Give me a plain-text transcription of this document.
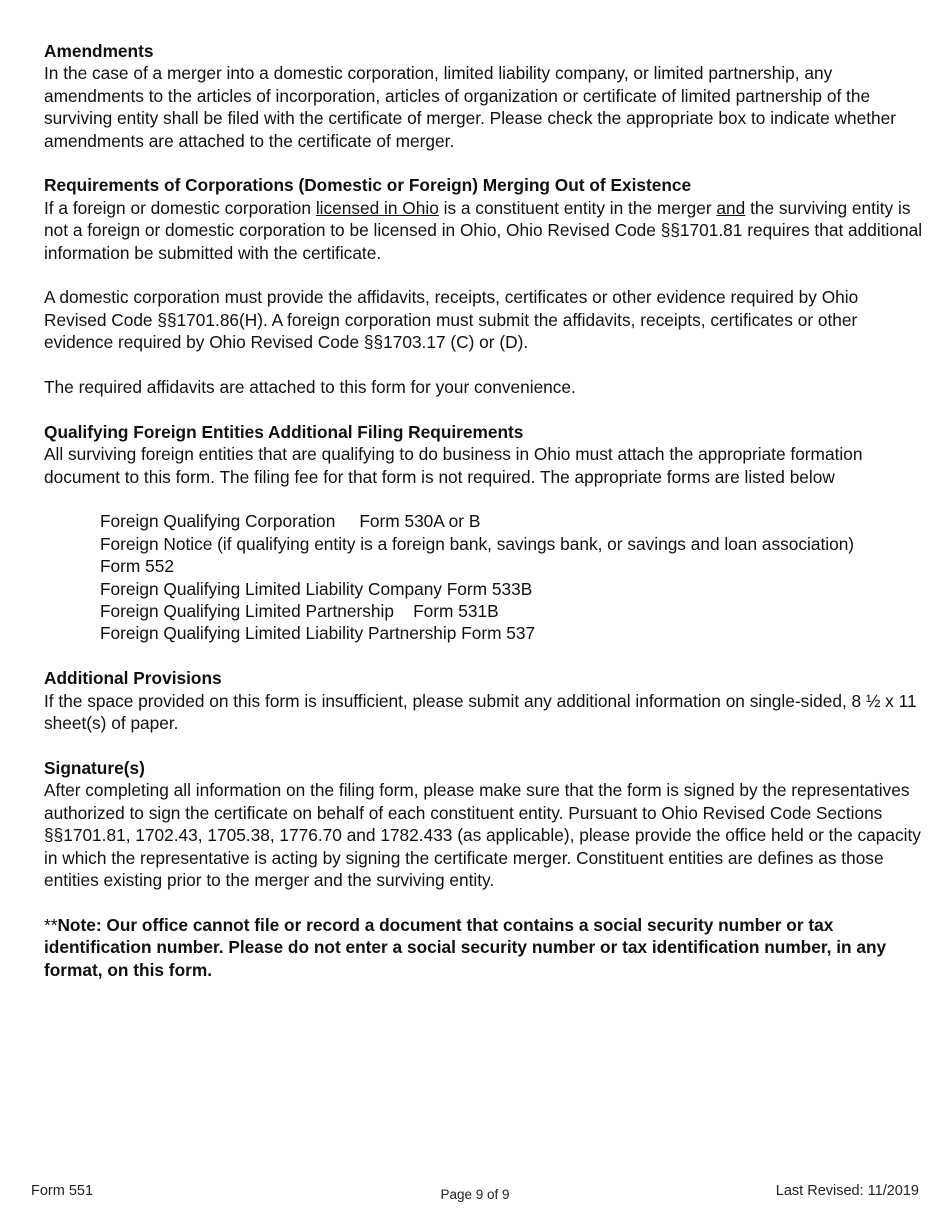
Amendments

In the case of a merger into a domestic corporation, limited liability company, or limited partnership, any amendments to the articles of incorporation, articles of organization or certificate of limited partnership of the surviving entity shall be filed with the certificate of merger. Please check the appropriate box to indicate whether amendments are attached to the certificate of merger.

Requirements of Corporations (Domestic or Foreign) Merging Out of Existence

If a foreign or domestic corporation licensed in Ohio is a constituent entity in the merger and the surviving entity is not a foreign or domestic corporation to be licensed in Ohio, Ohio Revised Code §§1701.81 requires that additional information be submitted with the certificate.

A domestic corporation must provide the affidavits, receipts, certificates or other evidence required by Ohio Revised Code §§1701.86(H). A foreign corporation must submit the affidavits, receipts, certificates or other evidence required by Ohio Revised Code §§1703.17 (C) or (D).

The required affidavits are attached to this form for your convenience.

Qualifying Foreign Entities Additional Filing Requirements

All surviving foreign entities that are qualifying to do business in Ohio must attach the appropriate formation document to this form. The filing fee for that form is not required. The appropriate forms are listed below

Foreign Qualifying Corporation     Form 530A or B
Foreign Notice (if qualifying entity is a foreign bank, savings bank, or savings and loan association)
Form 552
Foreign Qualifying Limited Liability Company Form 533B
Foreign Qualifying Limited Partnership    Form 531B
Foreign Qualifying Limited Liability Partnership Form 537
Additional Provisions

If the space provided on this form is insufficient, please submit any additional information on single-sided, 8 ½ x 11 sheet(s) of paper.

Signature(s)

After completing all information on the filing form, please make sure that the form is signed by the representatives authorized to sign the certificate on behalf of each constituent entity. Pursuant to Ohio Revised Code Sections §§1701.81, 1702.43, 1705.38, 1776.70 and 1782.433 (as applicable), please provide the office held or the capacity in which the representative is acting by signing the certificate merger. Constituent entities are defines as those entities existing prior to the merger and the surviving entity.

**Note: Our office cannot file or record a document that contains a social security number or tax identification number. Please do not enter a social security number or tax identification number, in any format, on this form.

Form 551	Page 9 of 9	Last Revised: 11/2019
